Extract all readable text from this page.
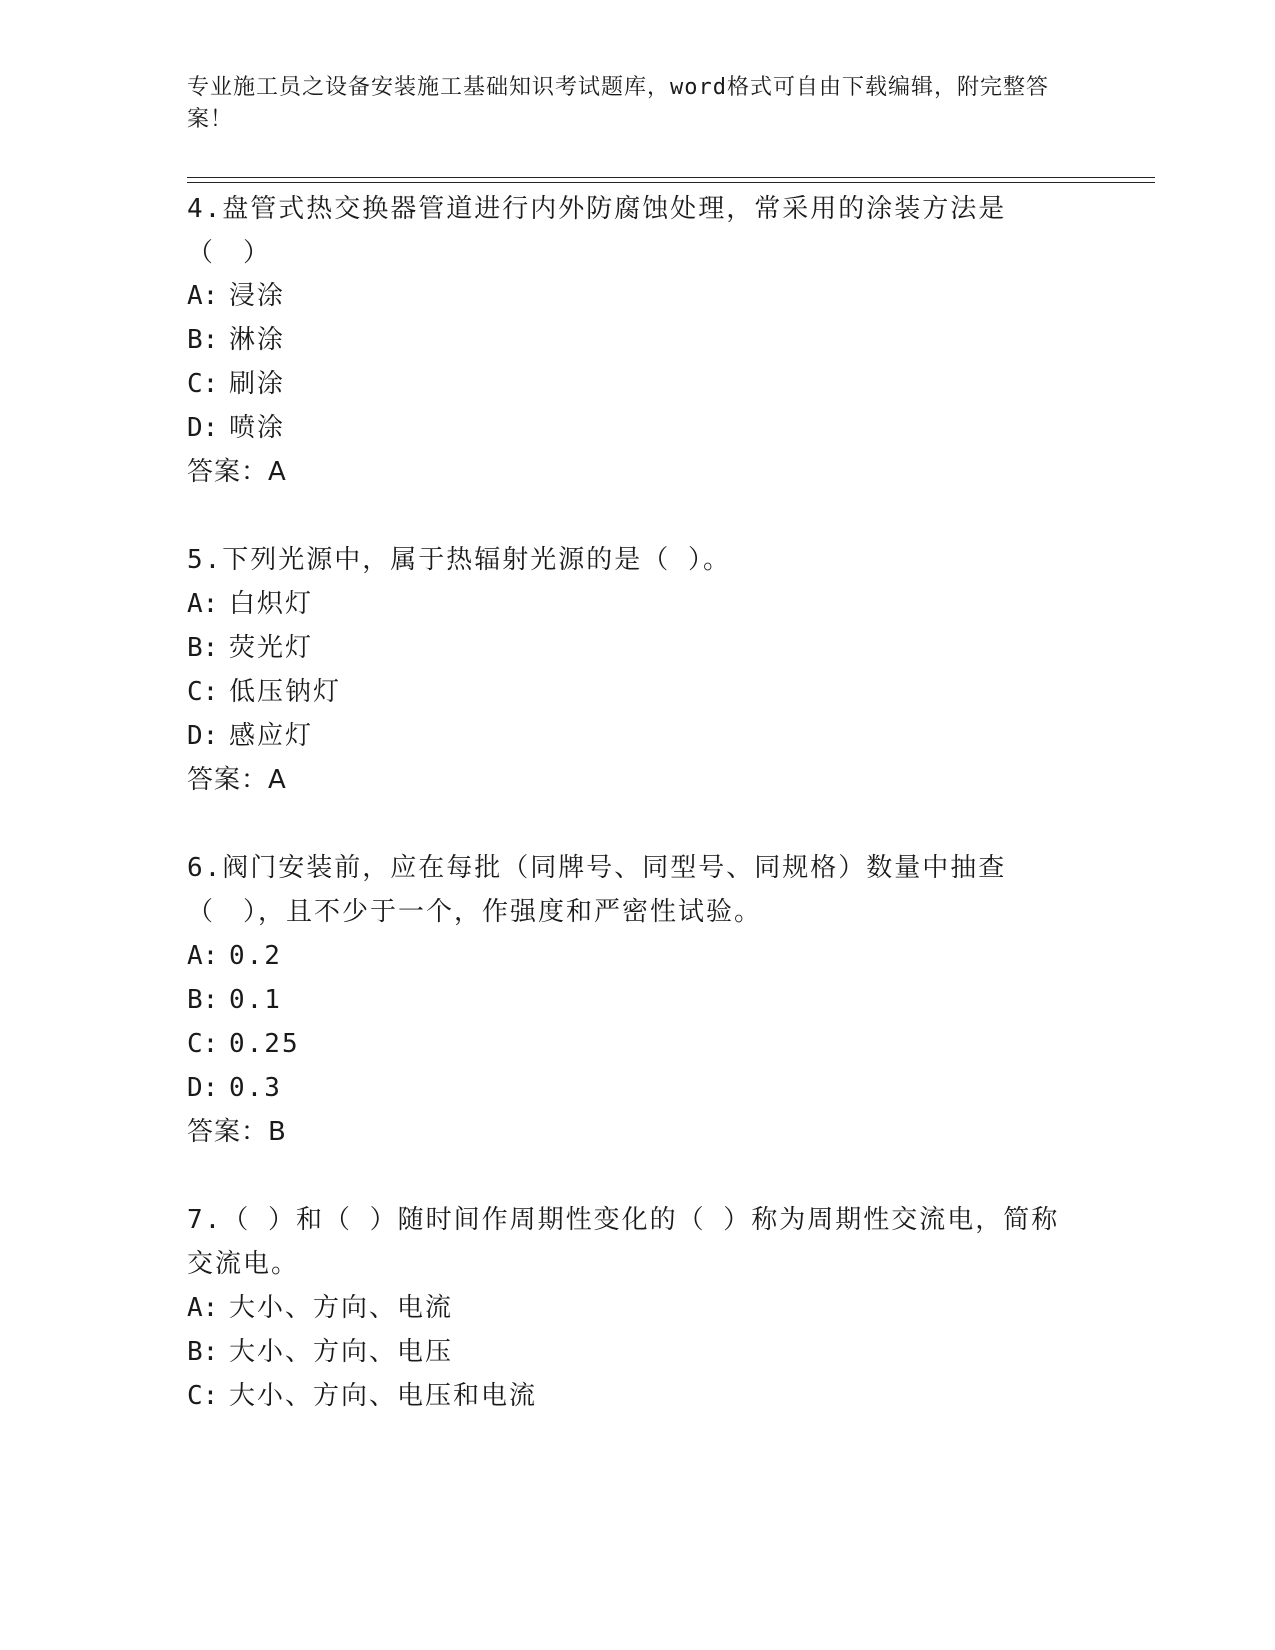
专业施工员之设备安装施工基础知识考试题库，word格式可自由下载编辑，附完整答案！
4.盘管式热交换器管道进行内外防腐蚀处理，常采用的涂装方法是（　）
A: 浸涂
B: 淋涂
C: 刷涂
D: 喷涂
答案：A
5.下列光源中，属于热辐射光源的是（ ）。
A: 白炽灯
B: 荧光灯
C: 低压钠灯
D: 感应灯
答案：A
6.阀门安装前，应在每批（同牌号、同型号、同规格）数量中抽查（　），且不少于一个，作强度和严密性试验。
A: 0.2
B: 0.1
C: 0.25
D: 0.3
答案：B
7.（ ）和（ ）随时间作周期性变化的（ ）称为周期性交流电，简称交流电。
A: 大小、方向、电流
B: 大小、方向、电压
C: 大小、方向、电压和电流
